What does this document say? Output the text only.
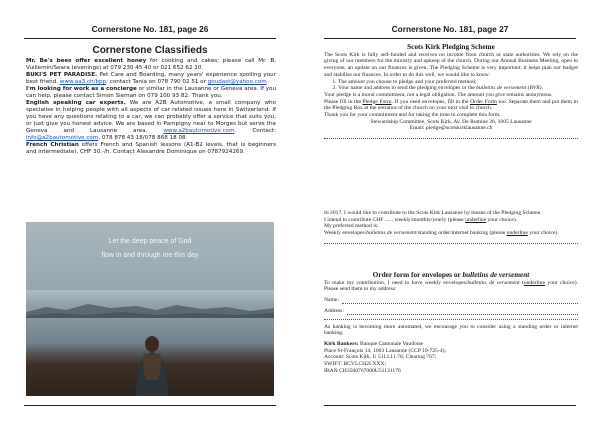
Cornerstone No. 181, page 26
Cornerstone Classifieds

Mr. Be's bees offer excellent honey for cooking and cakes; please call Mr. B. Vuillemin/Seara (evenings) at 079 230 45 40 or 021 652 62 10.

BUKI'S PET PARADISE. Pet Care and Boarding, many years' experience spoiling your best friend. www.aa3.ch/bpp; contact Tania on 078 790 02 51 or goudast@yahoo.com

I'm looking for work as a concierge or similar in the Lausanne or Geneva area. If you can help, please contact Simon Sieman on 079 100 93 82. Thank you.

English speaking car experts. We are A2B Automotive, a small company who specialise in helping people with all aspects of car related issues here in Switzerland. If you have any questions relating to a car, we can probably offer a service that suits you, or just give you honest advice. We are based in Pampigny near to Morges but serve the Geneva and Lausanne area. www.a2bautomotive.com. Contact: info@a2bautomotive.com, 078 878 43 18/078 868 18 08.

French Christian offers French and Spanish lessons (A1-B2 levels, that is beginners and intermediate), CHF 30.-/h. Contact Alexandre Dominique on 0787924269.

Let the deep peace of God
flow in and through me this day
Cornerstone No. 181, page 27
Scots Kirk Pledging Scheme

The Scots Kirk is fully self-funded and receives no income from church or state authorities. We rely on the giving of our members for the ministry and upkeep of the church. During our Annual Business Meeting, open to everyone, an update on our finances is given. The Pledging Scheme is very important: it helps plan our budget and stabilise our finances. In order to do this well, we would like to know:

1. The amount you choose to pledge and your preferred method;
2. Your name and address to send the pledging envelopes or the bulletins de versement (BVR).

Your pledge is a moral commitment, not a legal obligation. The amount you give remains anonymous.

Please fill in the Pledge Form. If you need envelopes, fill in the Order Form too. Separate them and put them in the Pledging Box at the entrance of the church on your next visit to church.

Thank you for your commitment and for taking the time to complete this form.

Stewardship Committee, Scots Kirk, Av. De Rumine 26, 1005 Lausanne

Email: pledge@scotskirklausanne.ch

In 2017, I would like to contribute to the Scots Kirk Lausanne by means of the Pledging Scheme.

I intend to contribute CHF ...... weekly/monthly/yearly (please underline your choice).

My preferred method is:

Weekly envelopes/bulletins de versement/standing order/internet banking (please underline your choice).

Order form for envelopes or bulletins de versement

To make my contribution, I need to have weekly envelopes/bulletins de versement (underline your choice). Please send them to my address:

Name:
Address:

As banking is becoming more automated, we encourage you to consider using a standing order or internet banking.

Kirk Bankers: Banque Cantonale Vaudoise

Place St-François 14, 1003 Lausanne (CCP 10-725-4);

Account: Scots Kirk, U 5113.11.76; Clearing 767;

SWIFT: BCVLCH2LXXX;

IBAN CH3500767000U51131176
